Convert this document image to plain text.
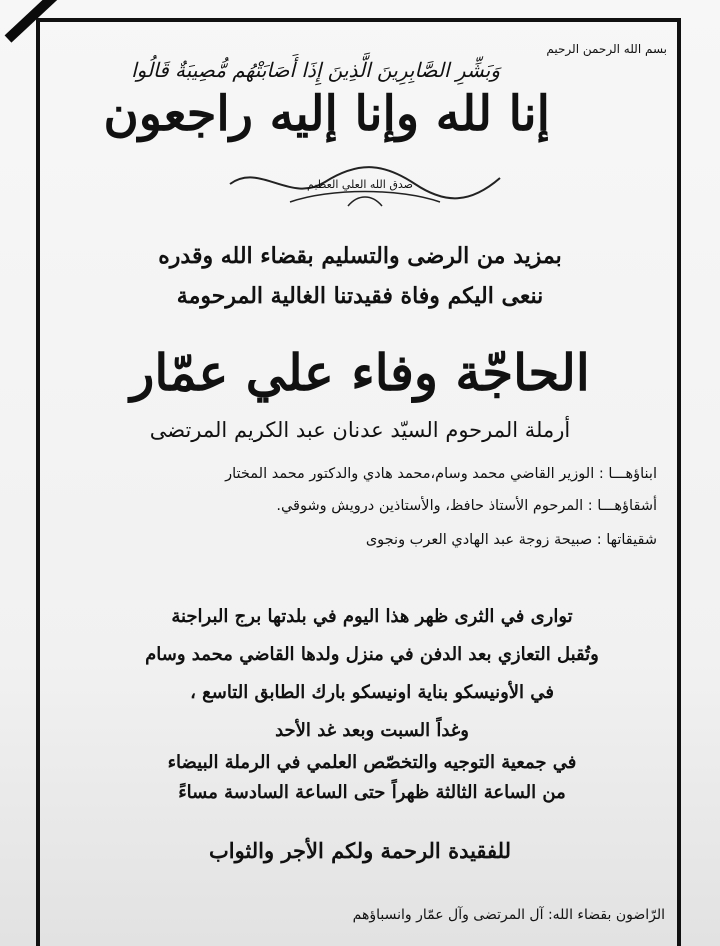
بسم الله الرحمن الرحيم
وَبَشِّرِ الصَّابِرِينَ الَّذِينَ إِذَا أَصَابَتْهُم مُّصِيبَةٌ قَالُوا
إنا لله وإنا إليه راجعون
صدق الله العلي العظيم
بمزيد من الرضى والتسليم بقضاء الله وقدره
ننعى اليكم وفاة فقيدتنا الغالية المرحومة
الحاجّة وفاء علي عمّار
أرملة المرحوم السيّد عدنان عبد الكريم المرتضى
ابناؤهـــا : الوزير القاضي محمد وسام،محمد هادي والدكتور محمد المختار
أشقاؤهـــا : المرحوم الأستاذ حافظ، والأستاذين درويش وشوقي.
شقيقاتها : صبيحة زوجة عبد الهادي العرب ونجوى
توارى في الثرى ظهر هذا اليوم في بلدتها برج البراجنة
وتُقبل التعازي بعد الدفن في منزل ولدها القاضي محمد وسام
في الأونيسكو بناية اونيسكو بارك الطابق التاسع ،
وغداً السبت وبعد غد الأحد
في جمعية التوجيه والتخصّص العلمي في الرملة البيضاء
من الساعة الثالثة ظهراً حتى الساعة السادسة مساءً
للفقيدة الرحمة ولكم الأجر والثواب
الرّاضون بقضاء الله: آل المرتضى وآل عمّار وانسباؤهم
